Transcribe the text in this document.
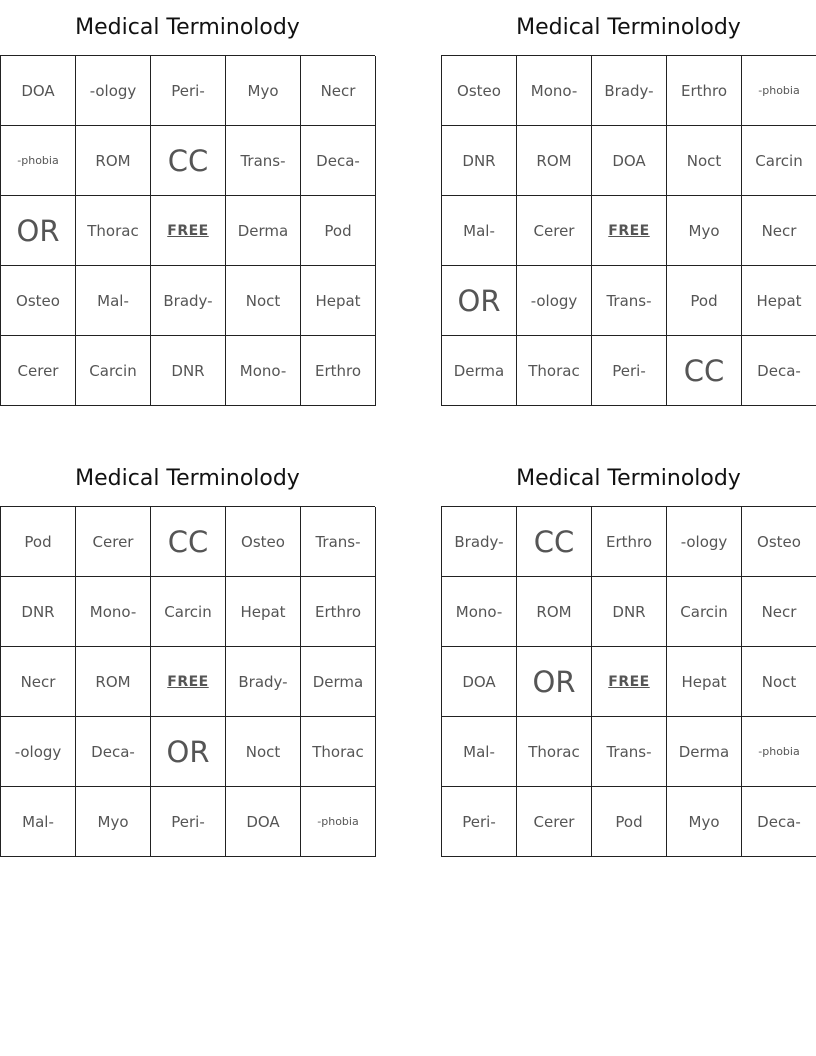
Medical Terminolody
DOA	-ology	Peri-	Myo	Necr
-phobia	ROM	CC	Trans-	Deca-
OR	Thorac	FREE	Derma	Pod
Osteo	Mal-	Brady-	Noct	Hepat
Cerer	Carcin	DNR	Mono-	Erthro
Medical Terminolody
Osteo	Mono-	Brady-	Erthro	-phobia
DNR	ROM	DOA	Noct	Carcin
Mal-	Cerer	FREE	Myo	Necr
OR	-ology	Trans-	Pod	Hepat
Derma	Thorac	Peri-	CC	Deca-
Medical Terminolody
Pod	Cerer	CC	Osteo	Trans-
DNR	Mono-	Carcin	Hepat	Erthro
Necr	ROM	FREE	Brady-	Derma
-ology	Deca-	OR	Noct	Thorac
Mal-	Myo	Peri-	DOA	-phobia
Medical Terminolody
Brady-	CC	Erthro	-ology	Osteo
Mono-	ROM	DNR	Carcin	Necr
DOA	OR	FREE	Hepat	Noct
Mal-	Thorac	Trans-	Derma	-phobia
Peri-	Cerer	Pod	Myo	Deca-
